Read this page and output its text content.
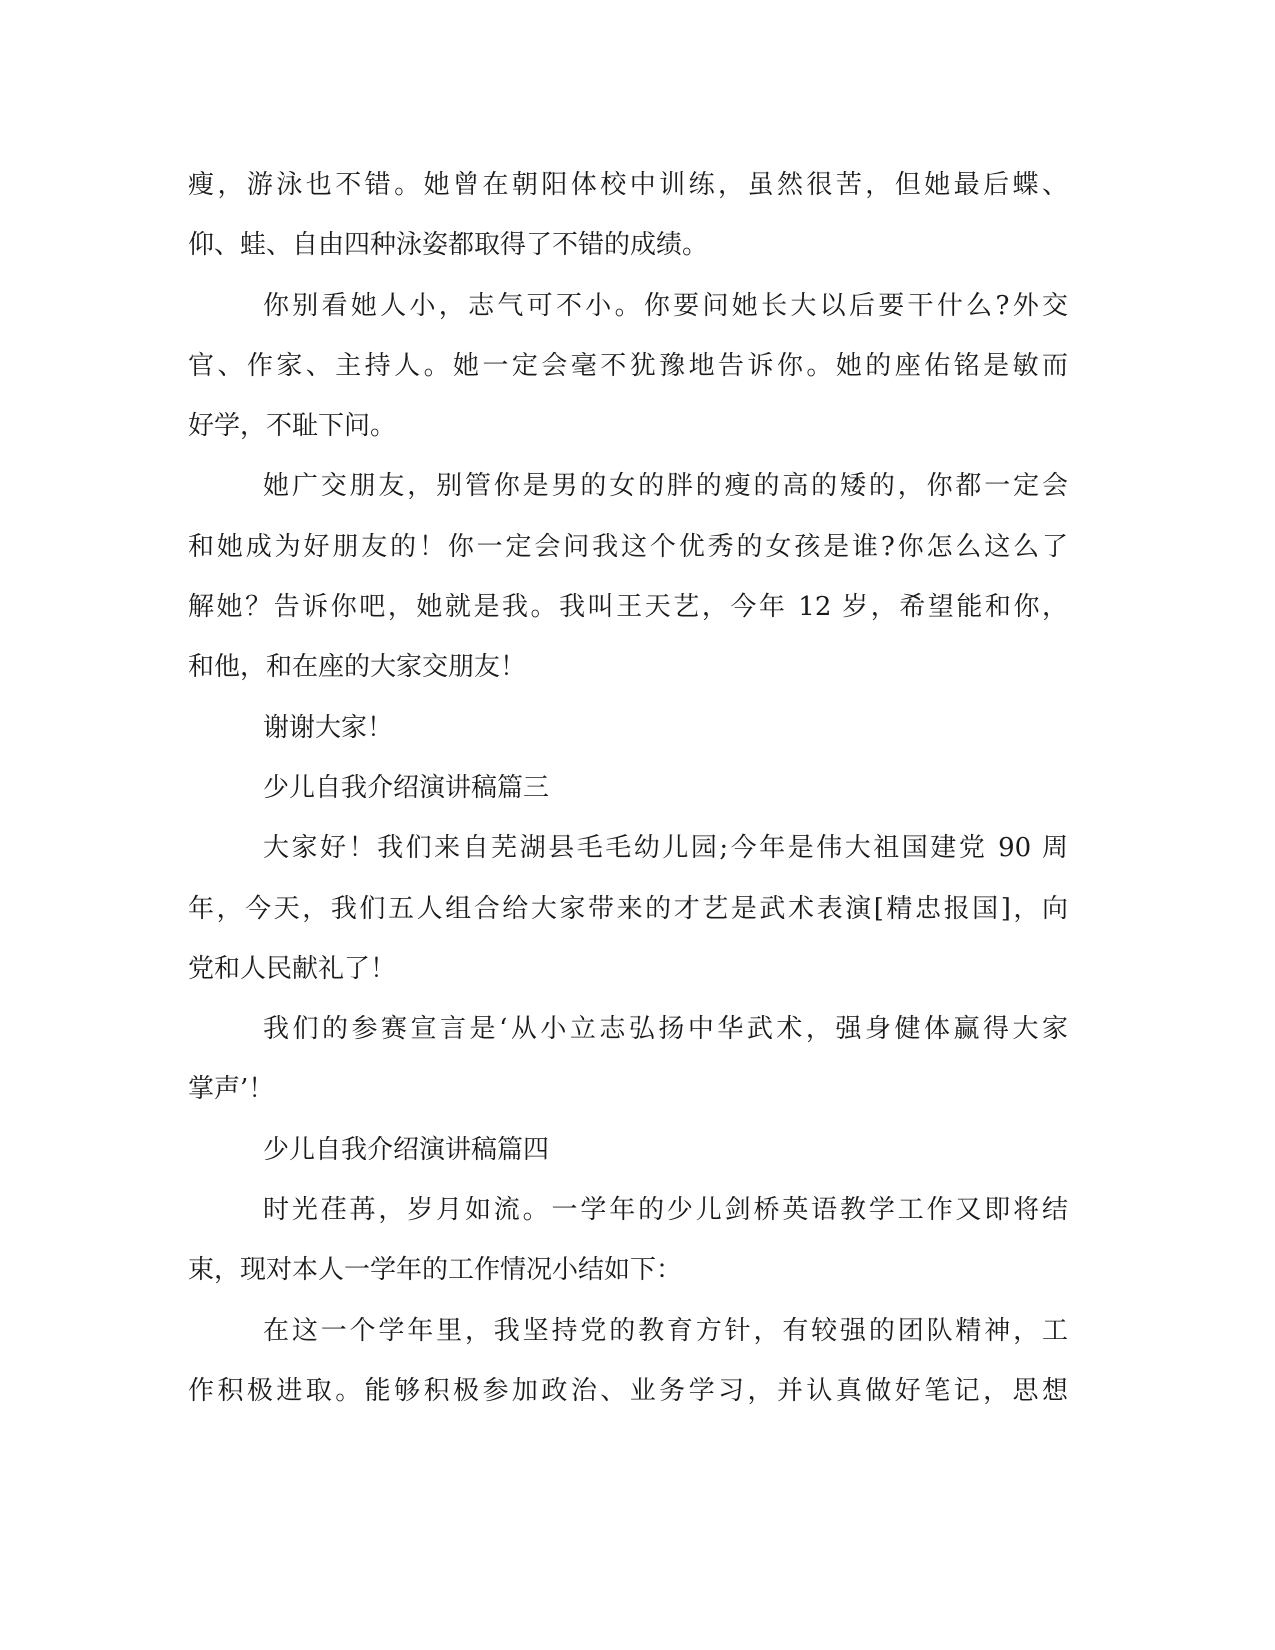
瘦，游泳也不错。她曾在朝阳体校中训练，虽然很苦，但她最后蝶、

仰、蛙、自由四种泳姿都取得了不错的成绩。

你别看她人小，志气可不小。你要问她长大以后要干什么?外交

官、作家、主持人。她一定会毫不犹豫地告诉你。她的座佑铭是敏而

好学，不耻下问。

她广交朋友，别管你是男的女的胖的瘦的高的矮的，你都一定会

和她成为好朋友的！你一定会问我这个优秀的女孩是谁?你怎么这么了

解她？告诉你吧，她就是我。我叫王天艺，今年 12 岁，希望能和你，

和他，和在座的大家交朋友！

谢谢大家！

少儿自我介绍演讲稿篇三

大家好！我们来自芜湖县毛毛幼儿园;今年是伟大祖国建党 90 周

年，今天，我们五人组合给大家带来的才艺是武术表演[精忠报国]，向

党和人民献礼了！

我们的参赛宣言是‘从小立志弘扬中华武术，强身健体赢得大家

掌声’！

少儿自我介绍演讲稿篇四

时光荏苒，岁月如流。一学年的少儿剑桥英语教学工作又即将结

束，现对本人一学年的工作情况小结如下：

在这一个学年里，我坚持党的教育方针，有较强的团队精神，工

作积极进取。能够积极参加政治、业务学习，并认真做好笔记，思想
